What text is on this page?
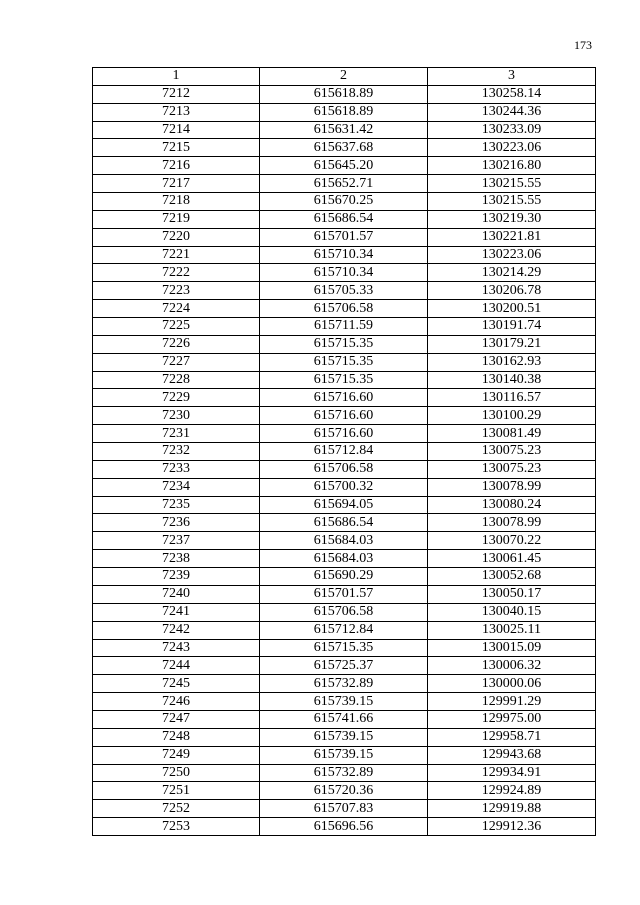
173
1	2	3
7212	615618.89	130258.14
7213	615618.89	130244.36
7214	615631.42	130233.09
7215	615637.68	130223.06
7216	615645.20	130216.80
7217	615652.71	130215.55
7218	615670.25	130215.55
7219	615686.54	130219.30
7220	615701.57	130221.81
7221	615710.34	130223.06
7222	615710.34	130214.29
7223	615705.33	130206.78
7224	615706.58	130200.51
7225	615711.59	130191.74
7226	615715.35	130179.21
7227	615715.35	130162.93
7228	615715.35	130140.38
7229	615716.60	130116.57
7230	615716.60	130100.29
7231	615716.60	130081.49
7232	615712.84	130075.23
7233	615706.58	130075.23
7234	615700.32	130078.99
7235	615694.05	130080.24
7236	615686.54	130078.99
7237	615684.03	130070.22
7238	615684.03	130061.45
7239	615690.29	130052.68
7240	615701.57	130050.17
7241	615706.58	130040.15
7242	615712.84	130025.11
7243	615715.35	130015.09
7244	615725.37	130006.32
7245	615732.89	130000.06
7246	615739.15	129991.29
7247	615741.66	129975.00
7248	615739.15	129958.71
7249	615739.15	129943.68
7250	615732.89	129934.91
7251	615720.36	129924.89
7252	615707.83	129919.88
7253	615696.56	129912.36
